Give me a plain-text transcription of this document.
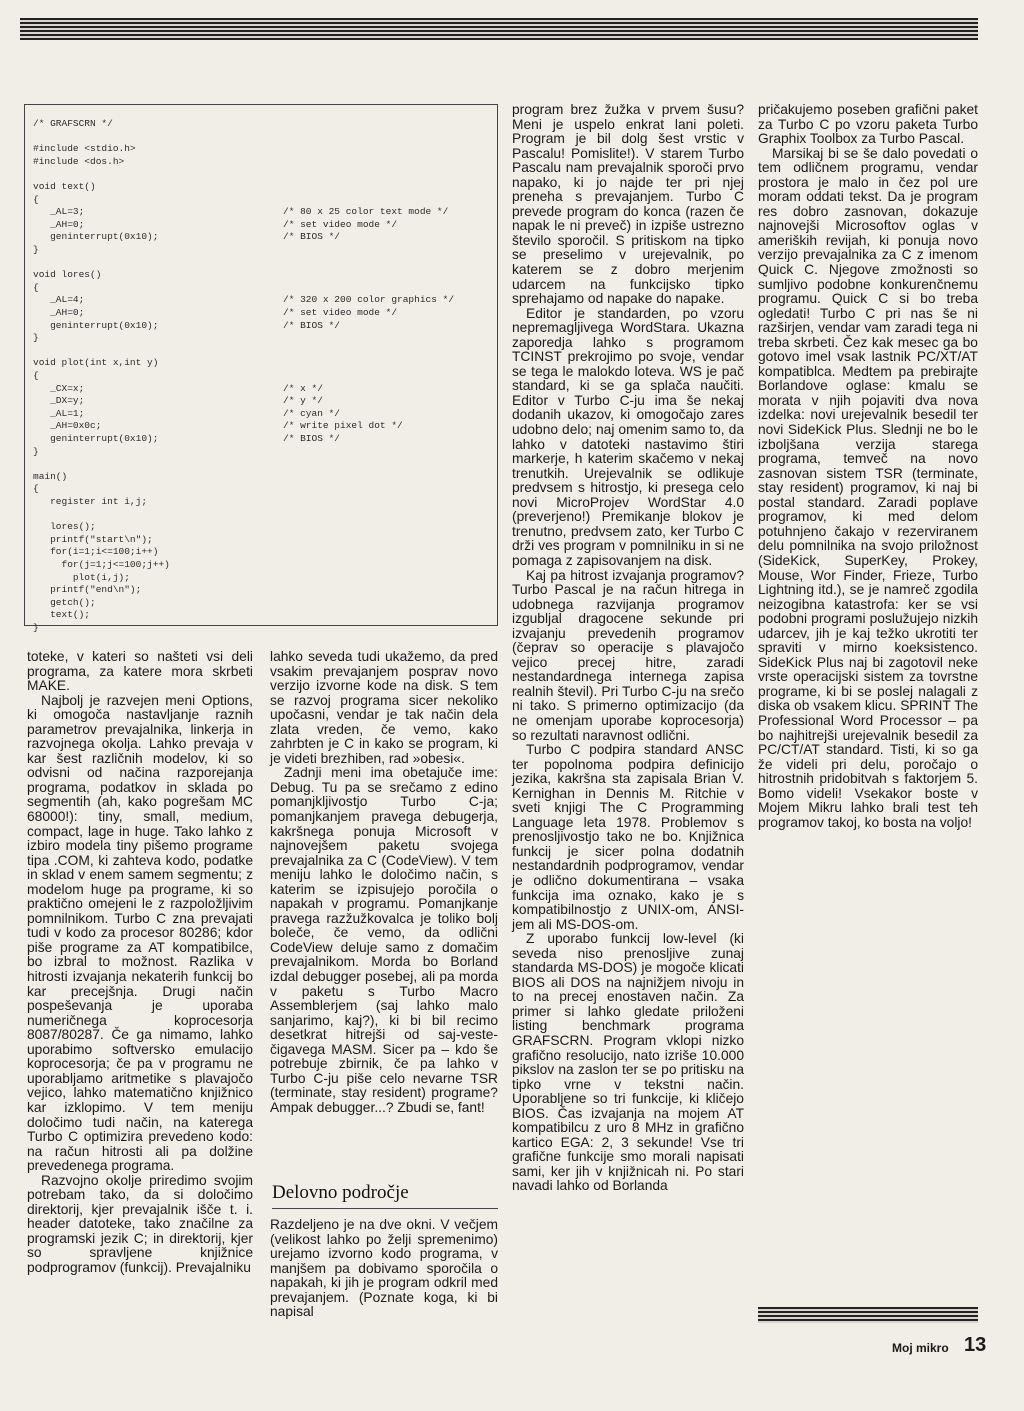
/* GRAFSCRN */
#include <stdio.h>
#include <dos.h>
void text()
{
_AL=3;
_AH=0;
geninterrupt(0x10);
}
void lores()
{
_AL=4;
_AH=0;
geninterrupt(0x10);
}
void plot(int x,int y)
{
_CX=x;
_DX=y;
_AL=1;
_AH=0x0c;
geninterrupt(0x10);
}
main()
{
register int i,j;
lores();
printf("start\n");
for(i=1;i<=100;i++)
for(j=1;j<=100;j++)
plot(i,j);
printf("end\n");
getch();
text();
}
/* 80 x 25 color text mode */
/* set video mode */
/* BIOS */
/* 320 x 200 color graphics */
/* set video mode */
/* BIOS */
/* x */
/* y */
/* cyan */
/* write pixel dot */
/* BIOS */

toteke, v kateri so našteti vsi deli programa, za katere mora skrbeti MAKE.

Najbolj je razvejen meni Options, ki omogoča nastavljanje raznih parametrov prevajalnika, linkerja in razvojnega okolja. Lahko prevaja v kar šest različnih modelov, ki so odvisni od načina razporejanja programa, podatkov in sklada po segmentih (ah, kako pogrešam MC 68000!): tiny, small, medium, compact, lage in huge. Tako lahko z izbiro modela tiny pišemo programe tipa .COM, ki zahteva kodo, podatke in sklad v enem samem segmentu; z modelom huge pa programe, ki so praktično omejeni le z razpoložljivim pomnilnikom. Turbo C zna prevajati tudi v kodo za procesor 80286; kdor piše programe za AT kompatibilce, bo izbral to možnost. Razlika v hitrosti izvajanja nekaterih funkcij bo kar precejšnja. Drugi način pospeševanja je uporaba numeričnega koprocesorja 8087/80287. Če ga nimamo, lahko uporabimo softversko emulacijo koprocesorja; če pa v programu ne uporabljamo aritmetike s plavajočo vejico, lahko matematično knjižnico kar izklopimo. V tem meniju določimo tudi način, na katerega Turbo C optimizira prevedeno kodo: na račun hitrosti ali pa dolžine prevedenega programa.

Razvojno okolje priredimo svojim potrebam tako, da si določimo direktorij, kjer prevajalnik išče t. i. header datoteke, tako značilne za programski jezik C; in direktorij, kjer so spravljene knjižnice podprogramov (funkcij). Prevajalniku

lahko seveda tudi ukažemo, da pred vsakim prevajanjem posprav novo verzijo izvorne kode na disk. S tem se razvoj programa sicer nekoliko upočasni, vendar je tak način dela zlata vreden, če vemo, kako zahrbten je C in kako se program, ki je videti brezhiben, rad »obesi«.

Zadnji meni ima obetajuče ime: Debug. Tu pa se srečamo z edino pomanjkljivostjo Turbo C-ja; pomanjkanjem pravega debugerja, kakršnega ponuja Microsoft v najnovejšem paketu svojega prevajalnika za C (CodeView). V tem meniju lahko le določimo način, s katerim se izpisujejo poročila o napakah v programu. Pomanjkanje pravega razžužkovalca je toliko bolj boleče, če vemo, da odlični CodeView deluje samo z domačim prevajalnikom. Morda bo Borland izdal debugger posebej, ali pa morda v paketu s Turbo Macro Assemblerjem (saj lahko malo sanjarimo, kaj?), ki bi bil recimo desetkrat hitrejši od saj-veste-čigavega MASM. Sicer pa – kdo še potrebuje zbirnik, če pa lahko v Turbo C-ju piše celo nevarne TSR (terminate, stay resident) programe? Ampak debugger...? Zbudi se, fant!

Delovno področje

Razdeljeno je na dve okni. V večjem (velikost lahko po želji spremenimo) urejamo izvorno kodo programa, v manjšem pa dobivamo sporočila o napakah, ki jih je program odkril med prevajanjem. (Poznate koga, ki bi napisal

program brez žužka v prvem šusu? Meni je uspelo enkrat lani poleti. Program je bil dolg šest vrstic v Pascalu! Pomislite!). V starem Turbo Pascalu nam prevajalnik sporoči prvo napako, ki jo najde ter pri njej preneha s prevajanjem. Turbo C prevede program do konca (razen če napak le ni preveč) in izpiše ustrezno število sporočil. S pritiskom na tipko se preselimo v urejevalnik, po katerem se z dobro merjenim udarcem na funkcijsko tipko sprehajamo od napake do napake.

Editor je standarden, po vzoru nepremagljivega WordStara. Ukazna zaporedja lahko s programom TCINST prekrojimo po svoje, vendar se tega le malokdo loteva. WS je pač standard, ki se ga splača naučiti. Editor v Turbo C-ju ima še nekaj dodanih ukazov, ki omogočajo zares udobno delo; naj omenim samo to, da lahko v datoteki nastavimo štiri markerje, h katerim skačemo v nekaj trenutkih. Urejevalnik se odlikuje predvsem s hitrostjo, ki presega celo novi MicroProjev WordStar 4.0 (preverjeno!) Premikanje blokov je trenutno, predvsem zato, ker Turbo C drži ves program v pomnilniku in si ne pomaga z zapisovanjem na disk.

Kaj pa hitrost izvajanja programov? Turbo Pascal je na račun hitrega in udobnega razvijanja programov izgubljal dragocene sekunde pri izvajanju prevedenih programov (čeprav so operacije s plavajočo vejico precej hitre, zaradi nestandardnega internega zapisa realnih števil). Pri Turbo C-ju na srečo ni tako. S primerno optimizacijo (da ne omenjam uporabe koprocesorja) so rezultati naravnost odlični.

Turbo C podpira standard ANSC ter popolnoma podpira definicijo jezika, kakršna sta zapisala Brian V. Kernighan in Dennis M. Ritchie v sveti knjigi The C Programming Language leta 1978. Problemov s prenosljivostjo tako ne bo. Knjižnica funkcij je sicer polna dodatnih nestandardnih podprogramov, vendar je odlično dokumentirana – vsaka funkcija ima oznako, kako je s kompatibilnostjo z UNIX-om, ANSI-jem ali MS-DOS-om.

Z uporabo funkcij low-level (ki seveda niso prenosljive zunaj standarda MS-DOS) je mogoče klicati BIOS ali DOS na najnižjem nivoju in to na precej enostaven način. Za primer si lahko gledate priloženi listing benchmark programa GRAFSCRN. Program vklopi nizko grafično resolucijo, nato izriše 10.000 pikslov na zaslon ter se po pritisku na tipko vrne v tekstni način. Uporabljene so tri funkcije, ki kličejo BIOS. Čas izvajanja na mojem AT kompatibilcu z uro 8 MHz in grafično kartico EGA: 2, 3 sekunde! Vse tri grafične funkcije smo morali napisati sami, ker jih v knjižnicah ni. Po stari navadi lahko od Borlanda

pričakujemo poseben grafični paket za Turbo C po vzoru paketa Turbo Graphix Toolbox za Turbo Pascal.

Marsikaj bi se še dalo povedati o tem odličnem programu, vendar prostora je malo in čez pol ure moram oddati tekst. Da je program res dobro zasnovan, dokazuje najnovejši Microsoftov oglas v ameriških revijah, ki ponuja novo verzijo prevajalnika za C z imenom Quick C. Njegove zmožnosti so sumljivo podobne konkurenčnemu programu. Quick C si bo treba ogledati! Turbo C pri nas še ni razširjen, vendar vam zaradi tega ni treba skrbeti. Čez kak mesec ga bo gotovo imel vsak lastnik PC/XT/AT kompatiblca. Medtem pa prebirajte Borlandove oglase: kmalu se morata v njih pojaviti dva nova izdelka: novi urejevalnik besedil ter novi SideKick Plus. Slednji ne bo le izboljšana verzija starega programa, temveč na novo zasnovan sistem TSR (terminate, stay resident) programov, ki naj bi postal standard. Zaradi poplave programov, ki med delom potuhnjeno čakajo v rezerviranem delu pomnilnika na svojo priložnost (SideKick, SuperKey, Prokey, Mouse, Wor Finder, Frieze, Turbo Lightning itd.), se je namreč zgodila neizogibna katastrofa: ker se vsi podobni programi poslužujejo nizkih udarcev, jih je kaj težko ukrotiti ter spraviti v mirno koeksistenco. SideKick Plus naj bi zagotovil neke vrste operacijski sistem za tovrstne programe, ki bi se poslej nalagali z diska ob vsakem klicu. SPRINT The Professional Word Processor – pa bo najhitrejši urejevalnik besedil za PC/CT/AT standard. Tisti, ki so ga že videli pri delu, poročajo o hitrostnih pridobitvah s faktorjem 5. Bomo videli! Vsekakor boste v Mojem Mikru lahko brali test teh programov takoj, ko bosta na voljo!

Moj mikro 13
